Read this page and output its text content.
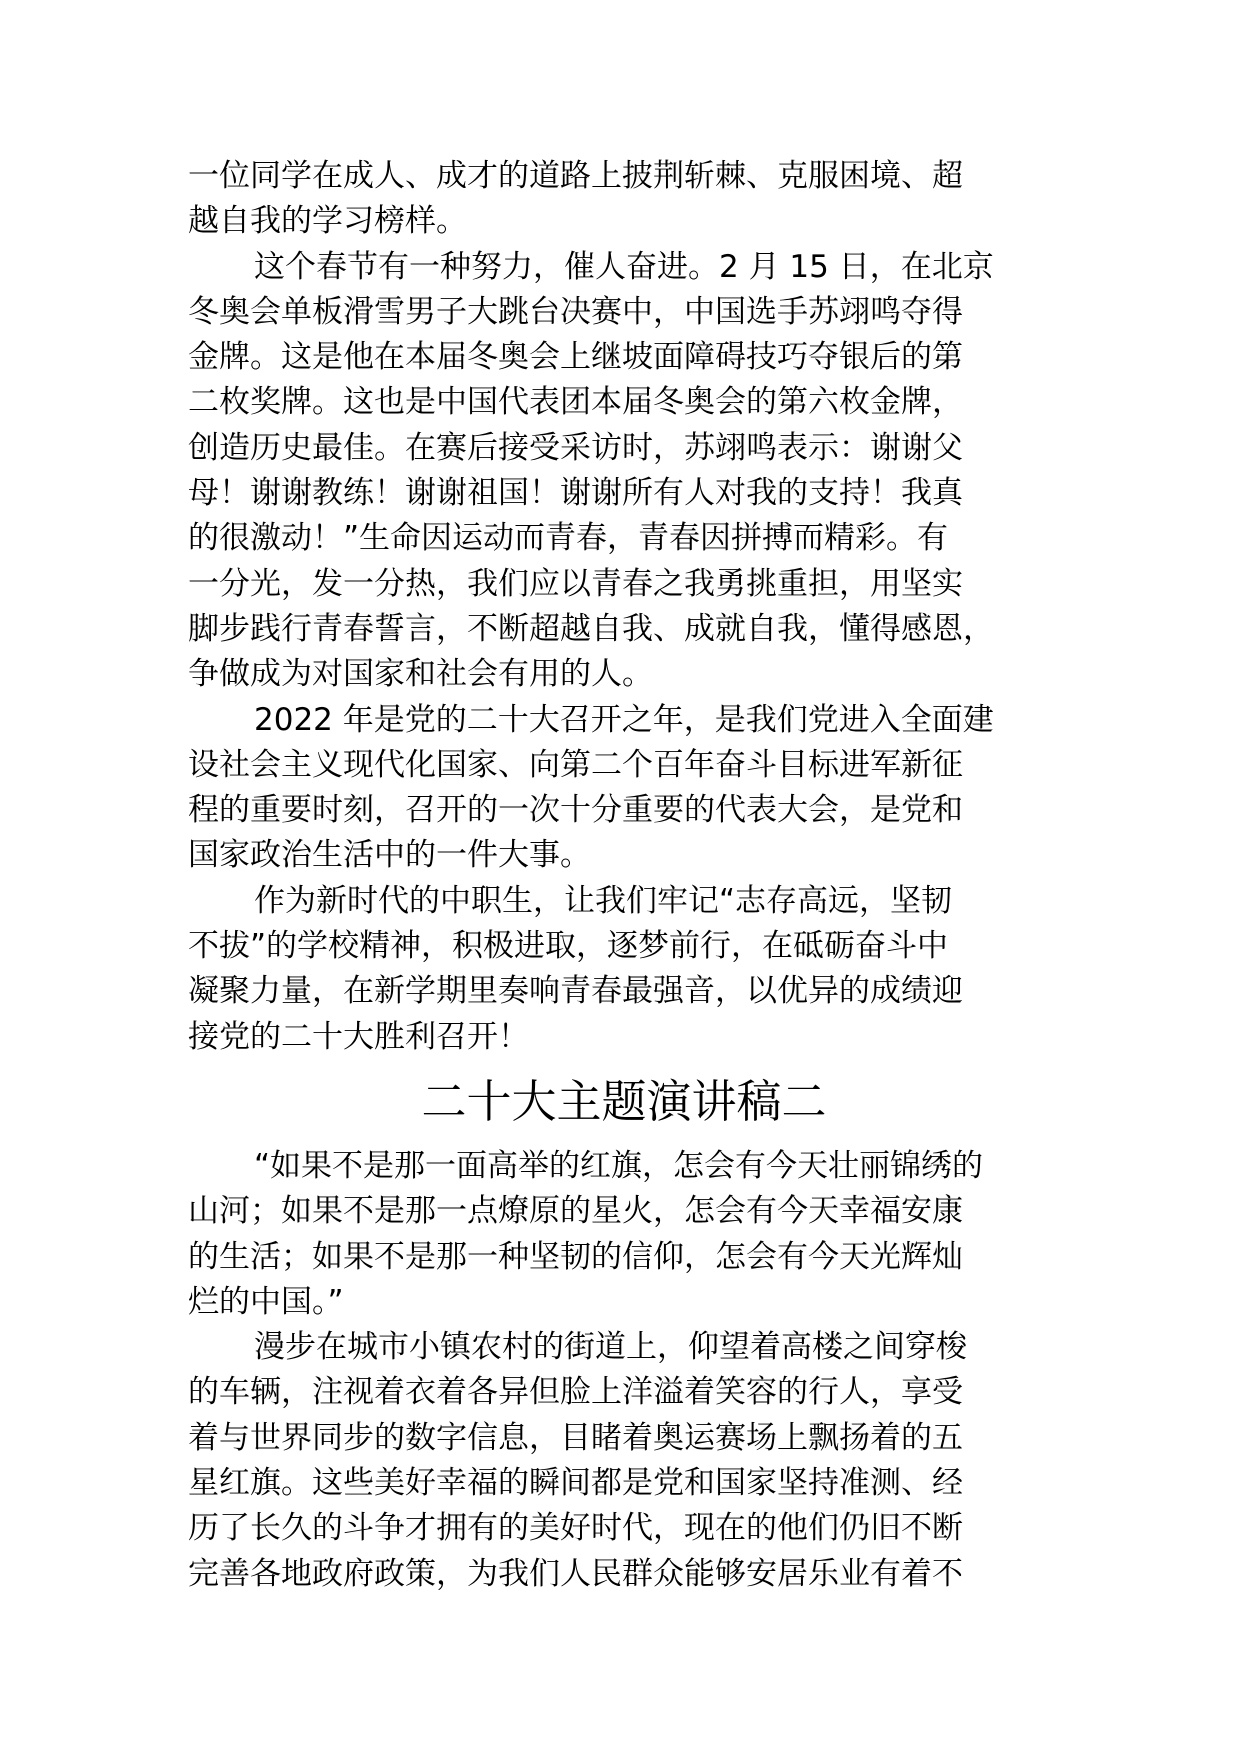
一位同学在成人、成才的道路上披荆斩棘、克服困境、超
越自我的学习榜样。
这个春节有一种努力，催人奋进。2 月 15 日，在北京
冬奥会单板滑雪男子大跳台决赛中，中国选手苏翊鸣夺得
金牌。这是他在本届冬奥会上继坡面障碍技巧夺银后的第
二枚奖牌。这也是中国代表团本届冬奥会的第六枚金牌，
创造历史最佳。在赛后接受采访时，苏翊鸣表示：谢谢父
母！谢谢教练！谢谢祖国！谢谢所有人对我的支持！我真
的很激动！”生命因运动而青春，青春因拼搏而精彩。有
一分光，发一分热，我们应以青春之我勇挑重担，用坚实
脚步践行青春誓言，不断超越自我、成就自我，懂得感恩，
争做成为对国家和社会有用的人。
2022 年是党的二十大召开之年，是我们党进入全面建
设社会主义现代化国家、向第二个百年奋斗目标进军新征
程的重要时刻，召开的一次十分重要的代表大会，是党和
国家政治生活中的一件大事。
作为新时代的中职生，让我们牢记“志存高远，坚韧
不拔”的学校精神，积极进取，逐梦前行，在砥砺奋斗中
凝聚力量，在新学期里奏响青春最强音，以优异的成绩迎
接党的二十大胜利召开！
二十大主题演讲稿二
“如果不是那一面高举的红旗，怎会有今天壮丽锦绣的
山河；如果不是那一点燎原的星火，怎会有今天幸福安康
的生活；如果不是那一种坚韧的信仰，怎会有今天光辉灿
烂的中国。”
漫步在城市小镇农村的街道上，仰望着高楼之间穿梭
的车辆，注视着衣着各异但脸上洋溢着笑容的行人，享受
着与世界同步的数字信息，目睹着奥运赛场上飘扬着的五
星红旗。这些美好幸福的瞬间都是党和国家坚持准测、经
历了长久的斗争才拥有的美好时代，现在的他们仍旧不断
完善各地政府政策，为我们人民群众能够安居乐业有着不
